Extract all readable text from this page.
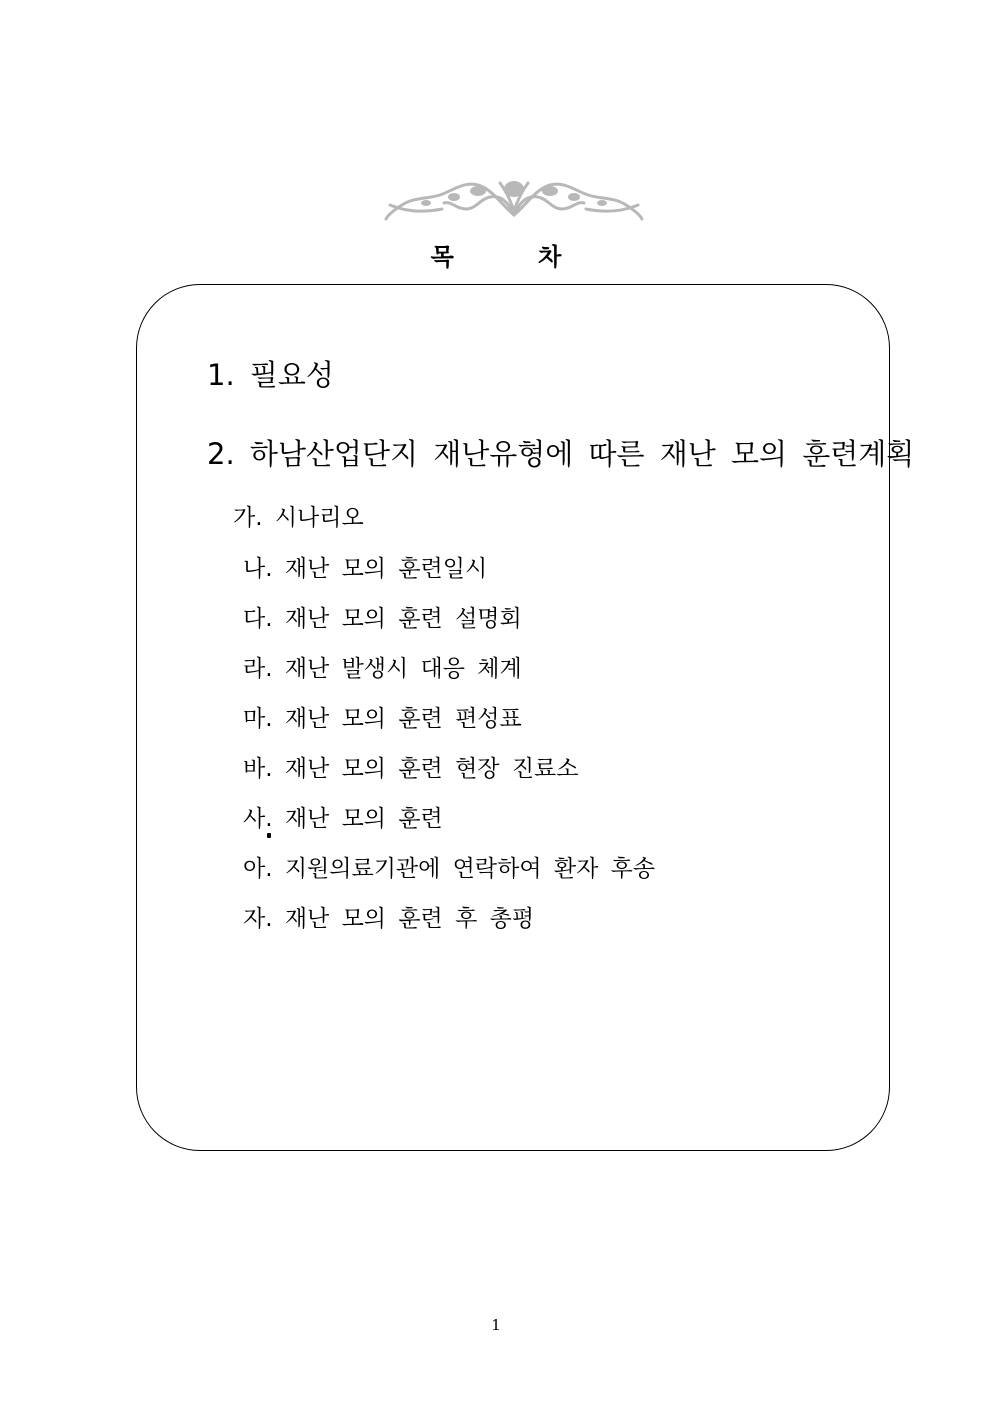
목 차
1. 필요성
2. 하남산업단지 재난유형에 따른 재난 모의 훈련계획
가. 시나리오
나. 재난 모의 훈련일시
다. 재난 모의 훈련 설명회
라. 재난 발생시 대응 체계
마. 재난 모의 훈련 편성표
바. 재난 모의 훈련 현장 진료소
사. 재난 모의 훈련
아. 지원의료기관에 연락하여 환자 후송
자. 재난 모의 훈련 후 총평
1
